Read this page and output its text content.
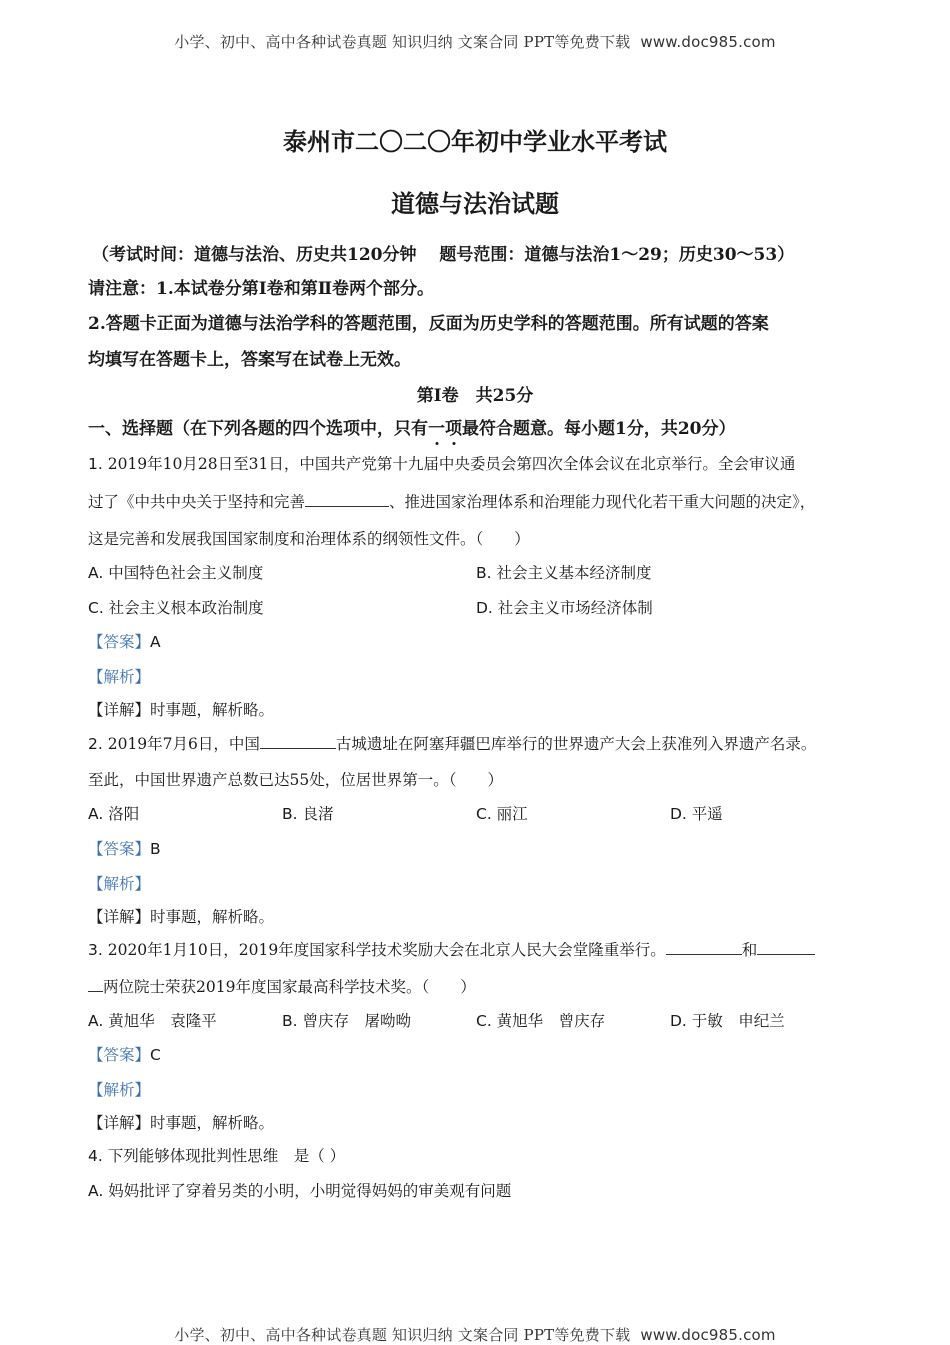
小学、初中、高中各种试卷真题 知识归纳 文案合同 PPT等免费下载 www.doc985.com
泰州市二〇二〇年初中学业水平考试
道德与法治试题
（考试时间：道德与法治、历史共120分钟　 题号范围：道德与法治1～29；历史30～53）
请注意：1.本试卷分第Ⅰ卷和第Ⅱ卷两个部分。
2.答题卡正面为道德与法治学科的答题范围，反面为历史学科的答题范围。所有试题的答案
均填写在答题卡上，答案写在试卷上无效。
第Ⅰ卷　共25分
一、选择题（在下列各题的四个选项中，只有一项最符合题意。每小题1分，共20分）
1. 2019年10月28日至31日，中国共产党第十九届中央委员会第四次全体会议在北京举行。全会审议通
过了《中共中央关于坚持和完善	、推进国家治理体系和治理能力现代化若干重大问题的决定》，
这是完善和发展我国国家制度和治理体系的纲领性文件。（　　）
A. 中国特色社会主义制度	B. 社会主义基本经济制度
C. 社会主义根本政治制度	D. 社会主义市场经济体制
【答案】A
【解析】
【详解】时事题，解析略。
2. 2019年7月6日，中国	古城遗址在阿塞拜疆巴库举行的世界遗产大会上获准列入界遗产名录。
至此，中国世界遗产总数已达55处，位居世界第一。（　　）
A. 洛阳	B. 良渚	C. 丽江	D. 平遥
【答案】B
【解析】
【详解】时事题，解析略。
3. 2020年1月10日，2019年度国家科学技术奖励大会在北京人民大会堂隆重举行。	和
两位院士荣获2019年度国家最高科学技术奖。（　　）
A. 黄旭华　袁隆平	B. 曾庆存　屠呦呦	C. 黄旭华　曾庆存	D. 于敏　申纪兰
【答案】C
【解析】
【详解】时事题，解析略。
4. 下列能够体现批判性思维　是（ ）
A. 妈妈批评了穿着另类的小明，小明觉得妈妈的审美观有问题
小学、初中、高中各种试卷真题 知识归纳 文案合同 PPT等免费下载 www.doc985.com
